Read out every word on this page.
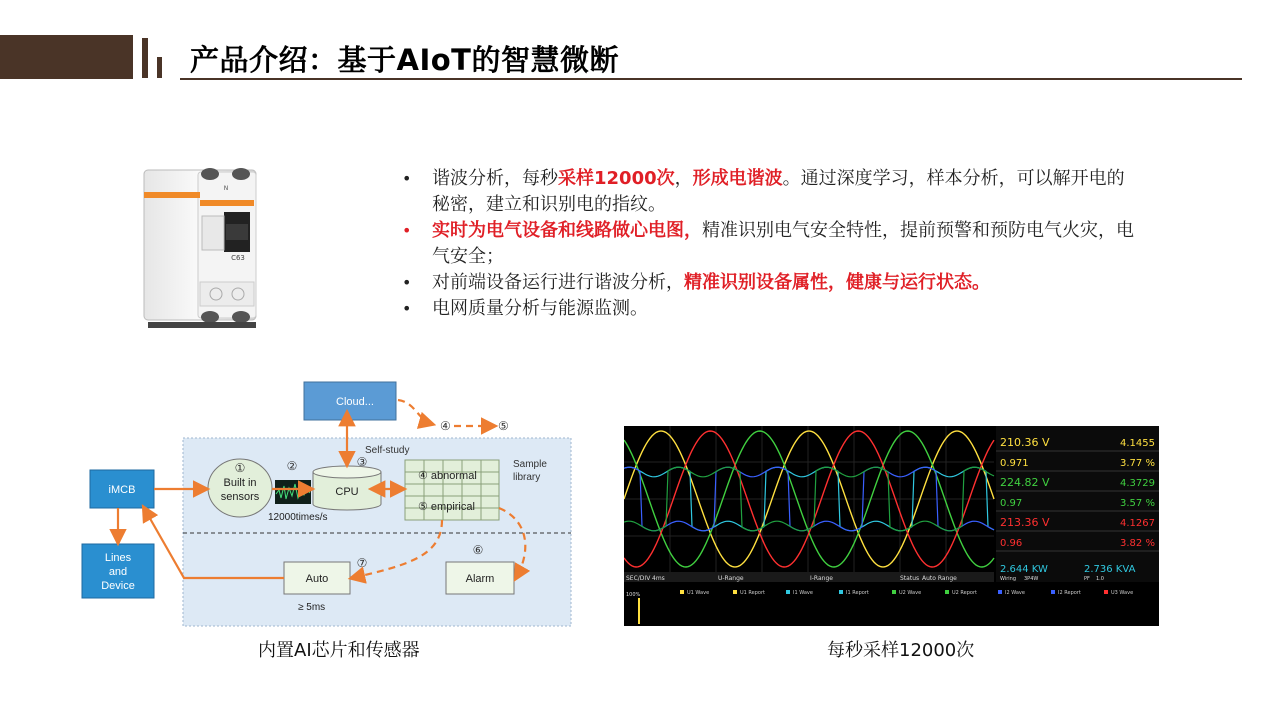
产品介绍：基于AIoT的智慧微断
N
C63
• 谐波分析，每秒采样12000次，形成电谐波。通过深度学习，样本分析，可以解开电的秘密，建立和识别电的指纹。
• 实时为电气设备和线路做心电图，精准识别电气安全特性，提前预警和预防电气火灾，电气安全；
• 对前端设备运行进行谐波分析，精准识别设备属性，健康与运行状态。
• 电网质量分析与能源监测。
Cloud...
iMCB
Lines
and
Device
Self-study
①
Built in
sensors
②
12000times/s
③
CPU
④ abnormal
⑤ empirical
Sample
library
④	⑤
Alarm
⑥
Auto
⑦
≥ 5ms
SEC/DIV 4ms	U-Range	I-Range	Status Auto Range
210.36 V	4.1455
0.971	3.77 %
224.82 V	4.3729
0.97	3.57 %
213.36 V	4.1267
0.96	3.82 %
2.644 KW	2.736 KVA
Wiring 3P4W	PF 1.0
100%	U1 Wave	U1 Report	I1 Wave	I1 Report	U2 Wave	U2 Report	I2 Wave	I2 Report	U3 Wave
内置AI芯片和传感器	每秒采样12000次
